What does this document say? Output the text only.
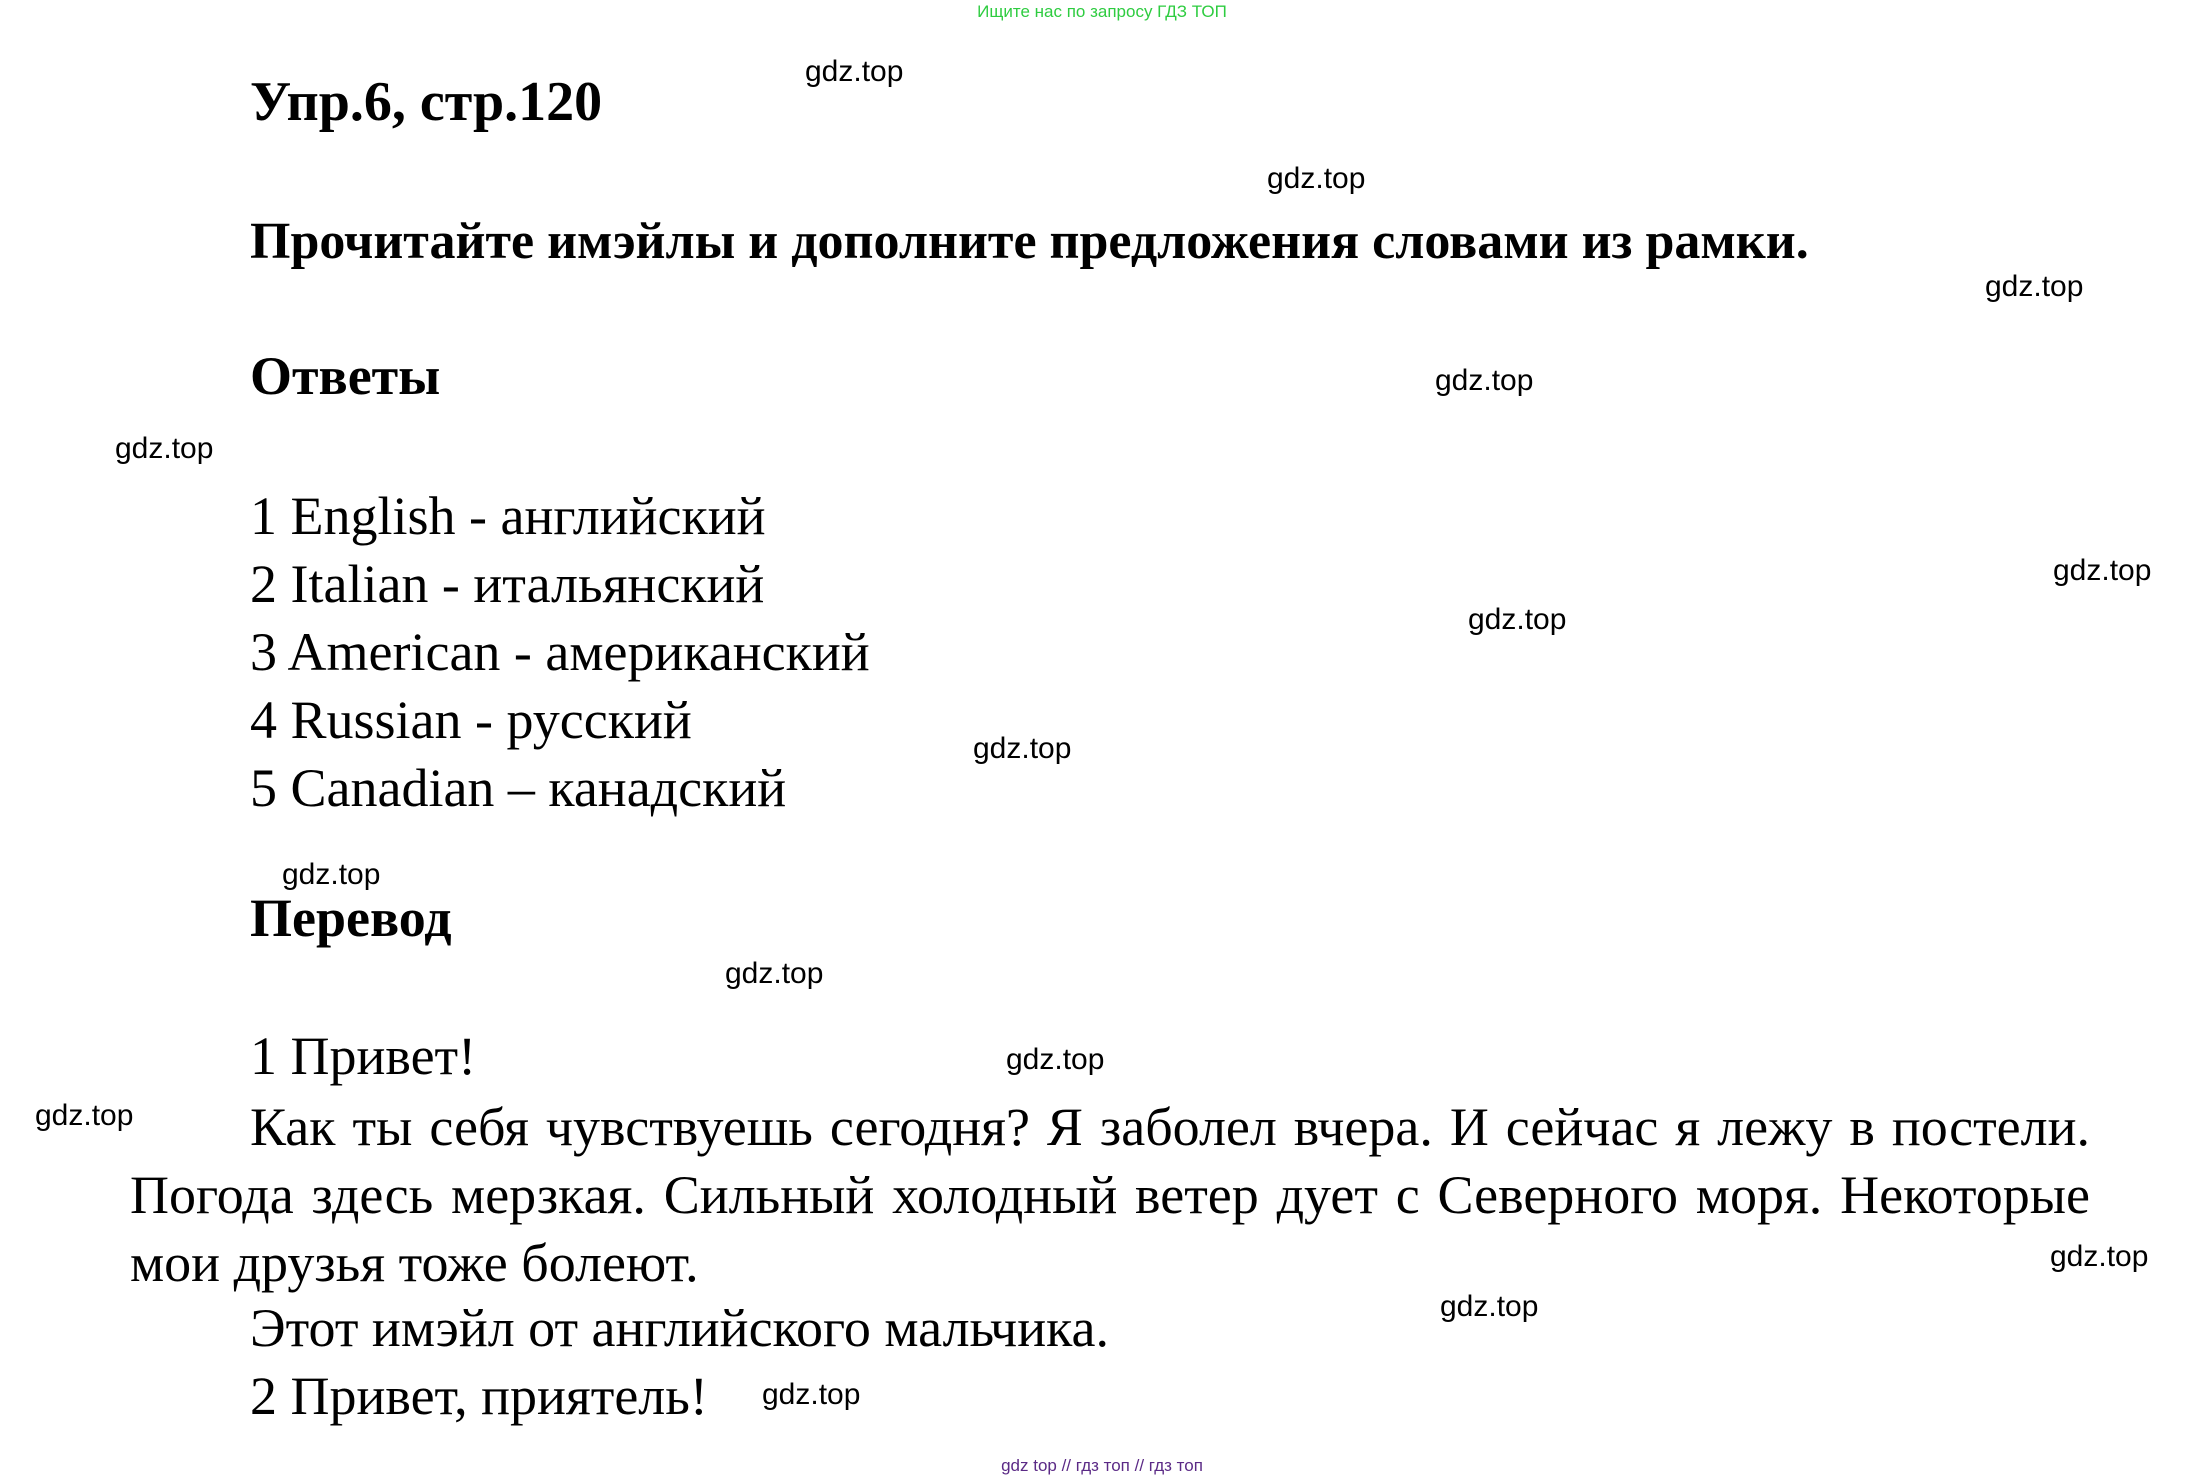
Ищите нас по запросу ГДЗ ТОП
Упр.6, стр.120
Прочитайте имэйлы и дополните предложения словами из рамки.
Ответы
1 English - английский
2 Italian - итальянский
3 American - американский
4 Russian - русский
5 Canadian – канадский
Перевод
1 Привет!
Как ты себя чувствуешь сегодня? Я заболел вчера. И сейчас я лежу в постели. Погода здесь мерзкая. Сильный холодный ветер дует с Северного моря. Некоторые мои друзья тоже болеют.
Этот имэйл от английского мальчика.
2 Привет, приятель!
gdz.top
gdz.top
gdz.top
gdz.top
gdz.top
gdz.top
gdz.top
gdz.top
gdz.top
gdz.top
gdz.top
gdz.top
gdz.top
gdz.top
gdz.top
gdz top // гдз топ // гдз топ
